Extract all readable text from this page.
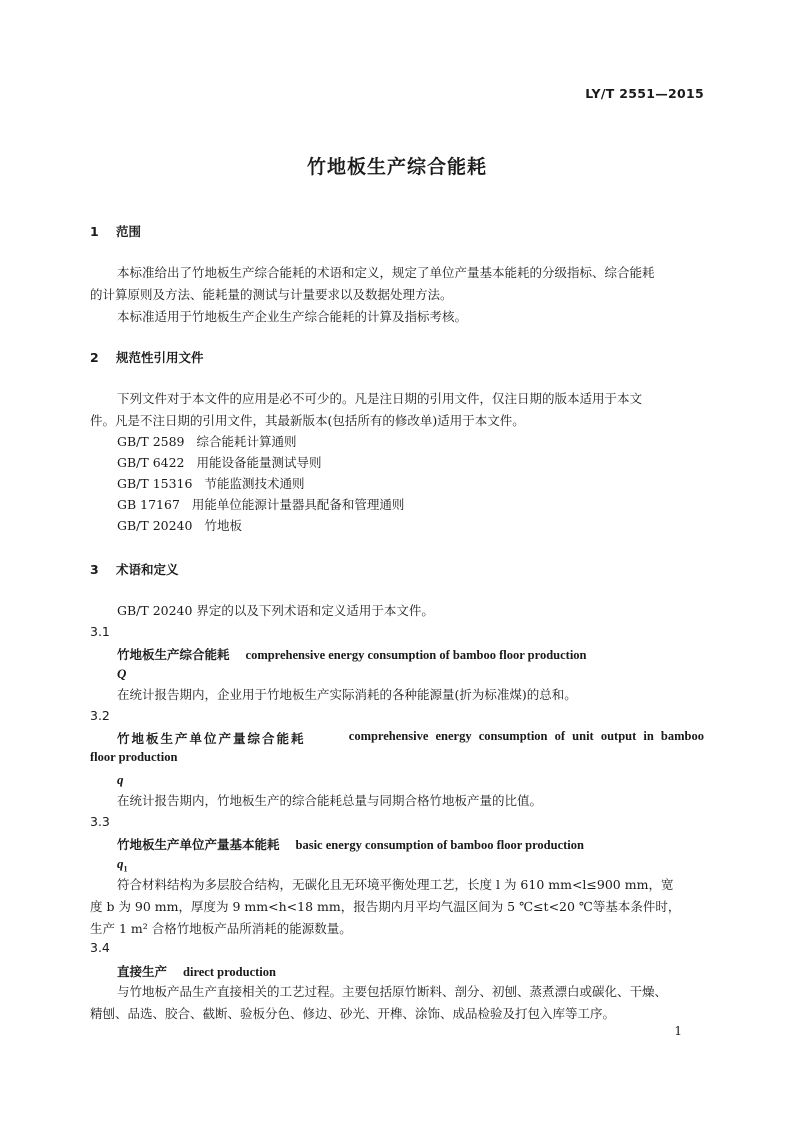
LY/T 2551—2015
竹地板生产综合能耗
1 范围
本标准给出了竹地板生产综合能耗的术语和定义，规定了单位产量基本能耗的分级指标、综合能耗
的计算原则及方法、能耗量的测试与计量要求以及数据处理方法。
本标准适用于竹地板生产企业生产综合能耗的计算及指标考核。
2 规范性引用文件
下列文件对于本文件的应用是必不可少的。凡是注日期的引用文件，仅注日期的版本适用于本文
件。凡是不注日期的引用文件，其最新版本(包括所有的修改单)适用于本文件。
GB/T 2589 综合能耗计算通则
GB/T 6422 用能设备能量测试导则
GB/T 15316 节能监测技术通则
GB 17167 用能单位能源计量器具配备和管理通则
GB/T 20240 竹地板
3 术语和定义
GB/T 20240 界定的以及下列术语和定义适用于本文件。
3.1
竹地板生产综合能耗 comprehensive energy consumption of bamboo floor production
Q
在统计报告期内，企业用于竹地板生产实际消耗的各种能源量(折为标准煤)的总和。
3.2
竹地板生产单位产量综合能耗	comprehensive energy consumption of unit output in bamboo
floor production
q
在统计报告期内，竹地板生产的综合能耗总量与同期合格竹地板产量的比值。
3.3
竹地板生产单位产量基本能耗 basic energy consumption of bamboo floor production
$q_1$
符合材料结构为多层胶合结构，无碳化且无环境平衡处理工艺，长度 l 为 610 mm<l≤900 mm，宽
度 b 为 90 mm，厚度为 9 mm<h<18 mm，报告期内月平均气温区间为 5 ℃≤t<20 ℃等基本条件时，
生产 1 m² 合格竹地板产品所消耗的能源数量。
3.4
直接生产 direct production
与竹地板产品生产直接相关的工艺过程。主要包括原竹断料、剖分、初刨、蒸煮漂白或碳化、干燥、
精刨、品选、胶合、截断、验板分色、修边、砂光、开榫、涂饰、成品检验及打包入库等工序。
1
